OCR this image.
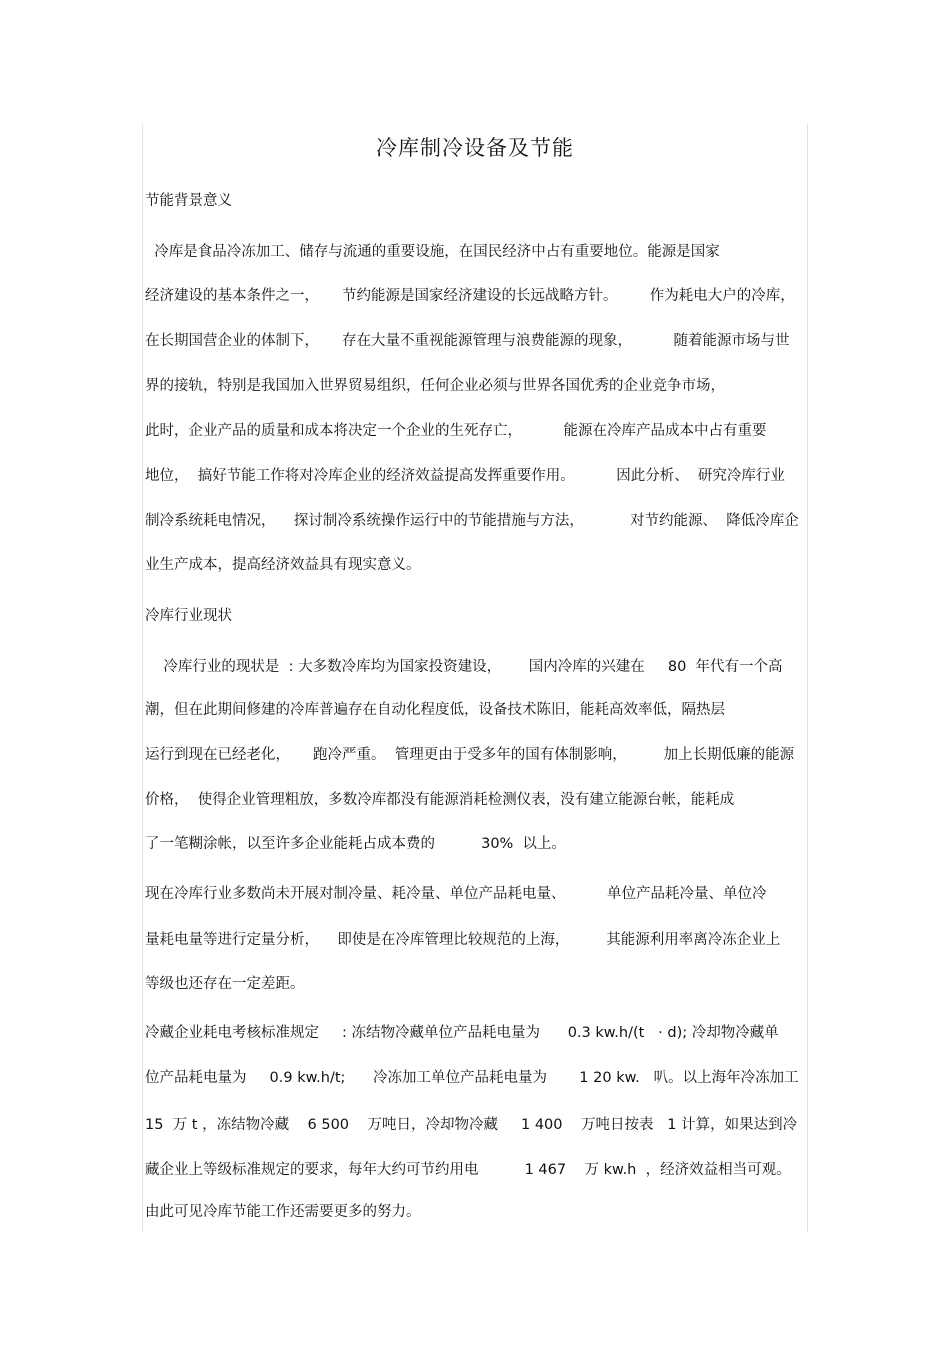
冷库制冷设备及节能
节能背景意义
冷库是食品冷冻加工、储存与流通的重要设施，在国民经济中占有重要地位。能源是国家
经济建设的基本条件之一，     节约能源是国家经济建设的长远战略方针。       作为耗电大户的冷库，
在长期国营企业的体制下，     存在大量不重视能源管理与浪费能源的现象，         随着能源市场与世
界的接轨，特别是我国加入世界贸易组织，任何企业必须与世界各国优秀的企业竞争市场，
此时，企业产品的质量和成本将决定一个企业的生死存亡，         能源在冷库产品成本中占有重要
地位，  搞好节能工作将对冷库企业的经济效益提高发挥重要作用。         因此分析、  研究冷库行业
制冷系统耗电情况，    探讨制冷系统操作运行中的节能措施与方法，          对节约能源、  降低冷库企
业生产成本，提高经济效益具有现实意义。
冷库行业现状
冷库行业的现状是  : 大多数冷库均为国家投资建设，      国内冷库的兴建在     80  年代有一个高
潮，但在此期间修建的冷库普遍存在自动化程度低，设备技术陈旧，能耗高效率低，隔热层
运行到现在已经老化，     跑冷严重。  管理更由于受多年的国有体制影响，        加上长期低廉的能源
价格，  使得企业管理粗放，多数冷库都没有能源消耗检测仪表，没有建立能源台帐，能耗成
了一笔糊涂帐，以至许多企业能耗占成本费的          30%  以上。
现在冷库行业多数尚未开展对制冷量、耗冷量、单位产品耗电量、         单位产品耗冷量、单位冷
量耗电量等进行定量分析，    即使是在冷库管理比较规范的上海，        其能源利用率离冷冻企业上
等级也还存在一定差距。
冷藏企业耗电考核标准规定     : 冻结物冷藏单位产品耗电量为      0.3 kw.h/(t   · d); 冷却物冷藏单
位产品耗电量为     0.9 kw.h/t;      冷冻加工单位产品耗电量为       1 20 kw.   叭。以上海年冷冻加工
15  万 t ，冻结物冷藏    6 500    万吨日，冷却物冷藏     1 400    万吨日按表   1 计算，如果达到冷
藏企业上等级标准规定的要求，每年大约可节约用电          1 467    万 kw.h  ，经济效益相当可观。
由此可见冷库节能工作还需要更多的努力。
